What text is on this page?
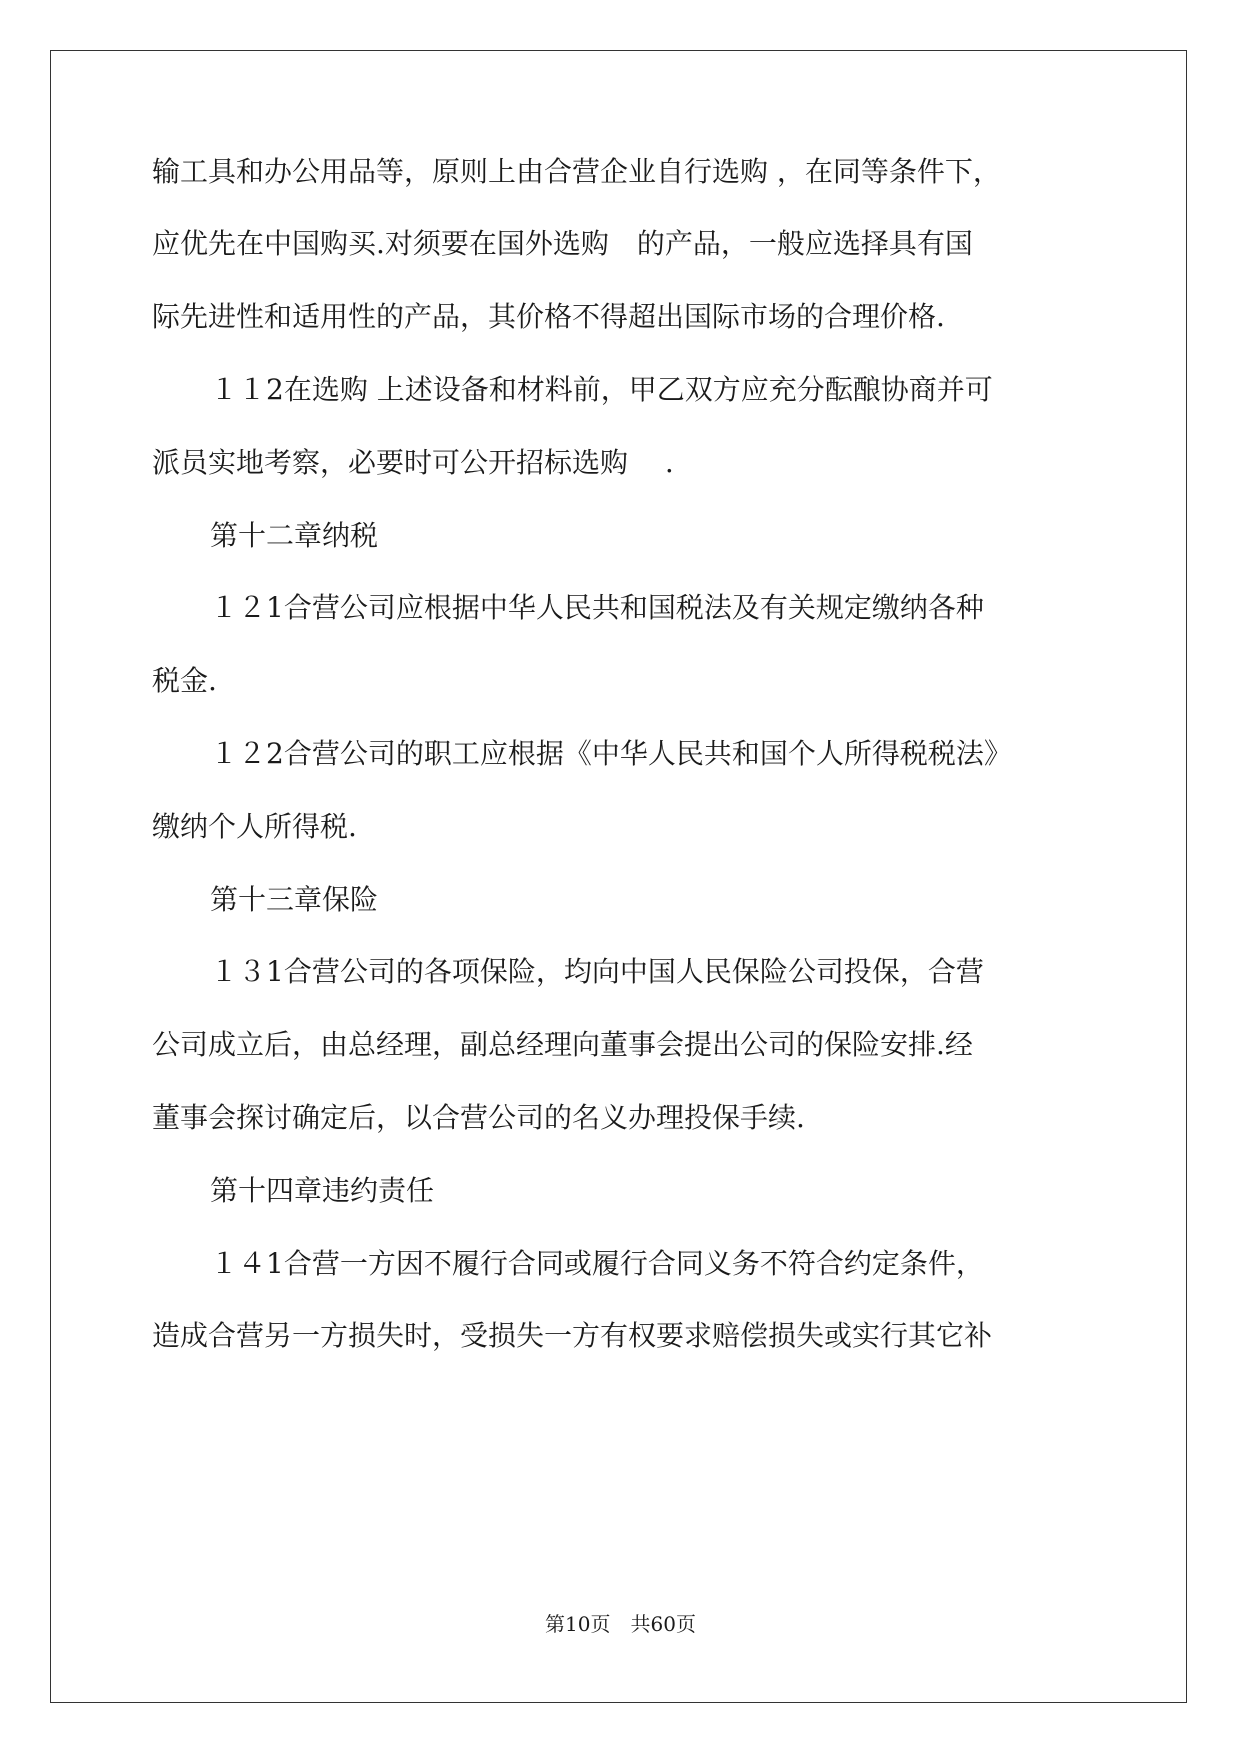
输工具和办公用品等，原则上由合营企业自行选购 ，在同等条件下，
应优先在中国购买.对须要在国外选购　的产品，一般应选择具有国
际先进性和适用性的产品，其价格不得超出国际市场的合理价格.
１１2在选购 上述设备和材料前，甲乙双方应充分酝酿协商并可
派员实地考察，必要时可公开招标选购　 .
第十二章纳税
１２1合营公司应根据中华人民共和国税法及有关规定缴纳各种
税金.
１２2合营公司的职工应根据《中华人民共和国个人所得税税法》
缴纳个人所得税.
第十三章保险
１３1合营公司的各项保险，均向中国人民保险公司投保，合营
公司成立后，由总经理，副总经理向董事会提出公司的保险安排.经
董事会探讨确定后，以合营公司的名义办理投保手续.
第十四章违约责任
１４1合营一方因不履行合同或履行合同义务不符合约定条件，
造成合营另一方损失时，受损失一方有权要求赔偿损失或实行其它补
第10页　共60页
